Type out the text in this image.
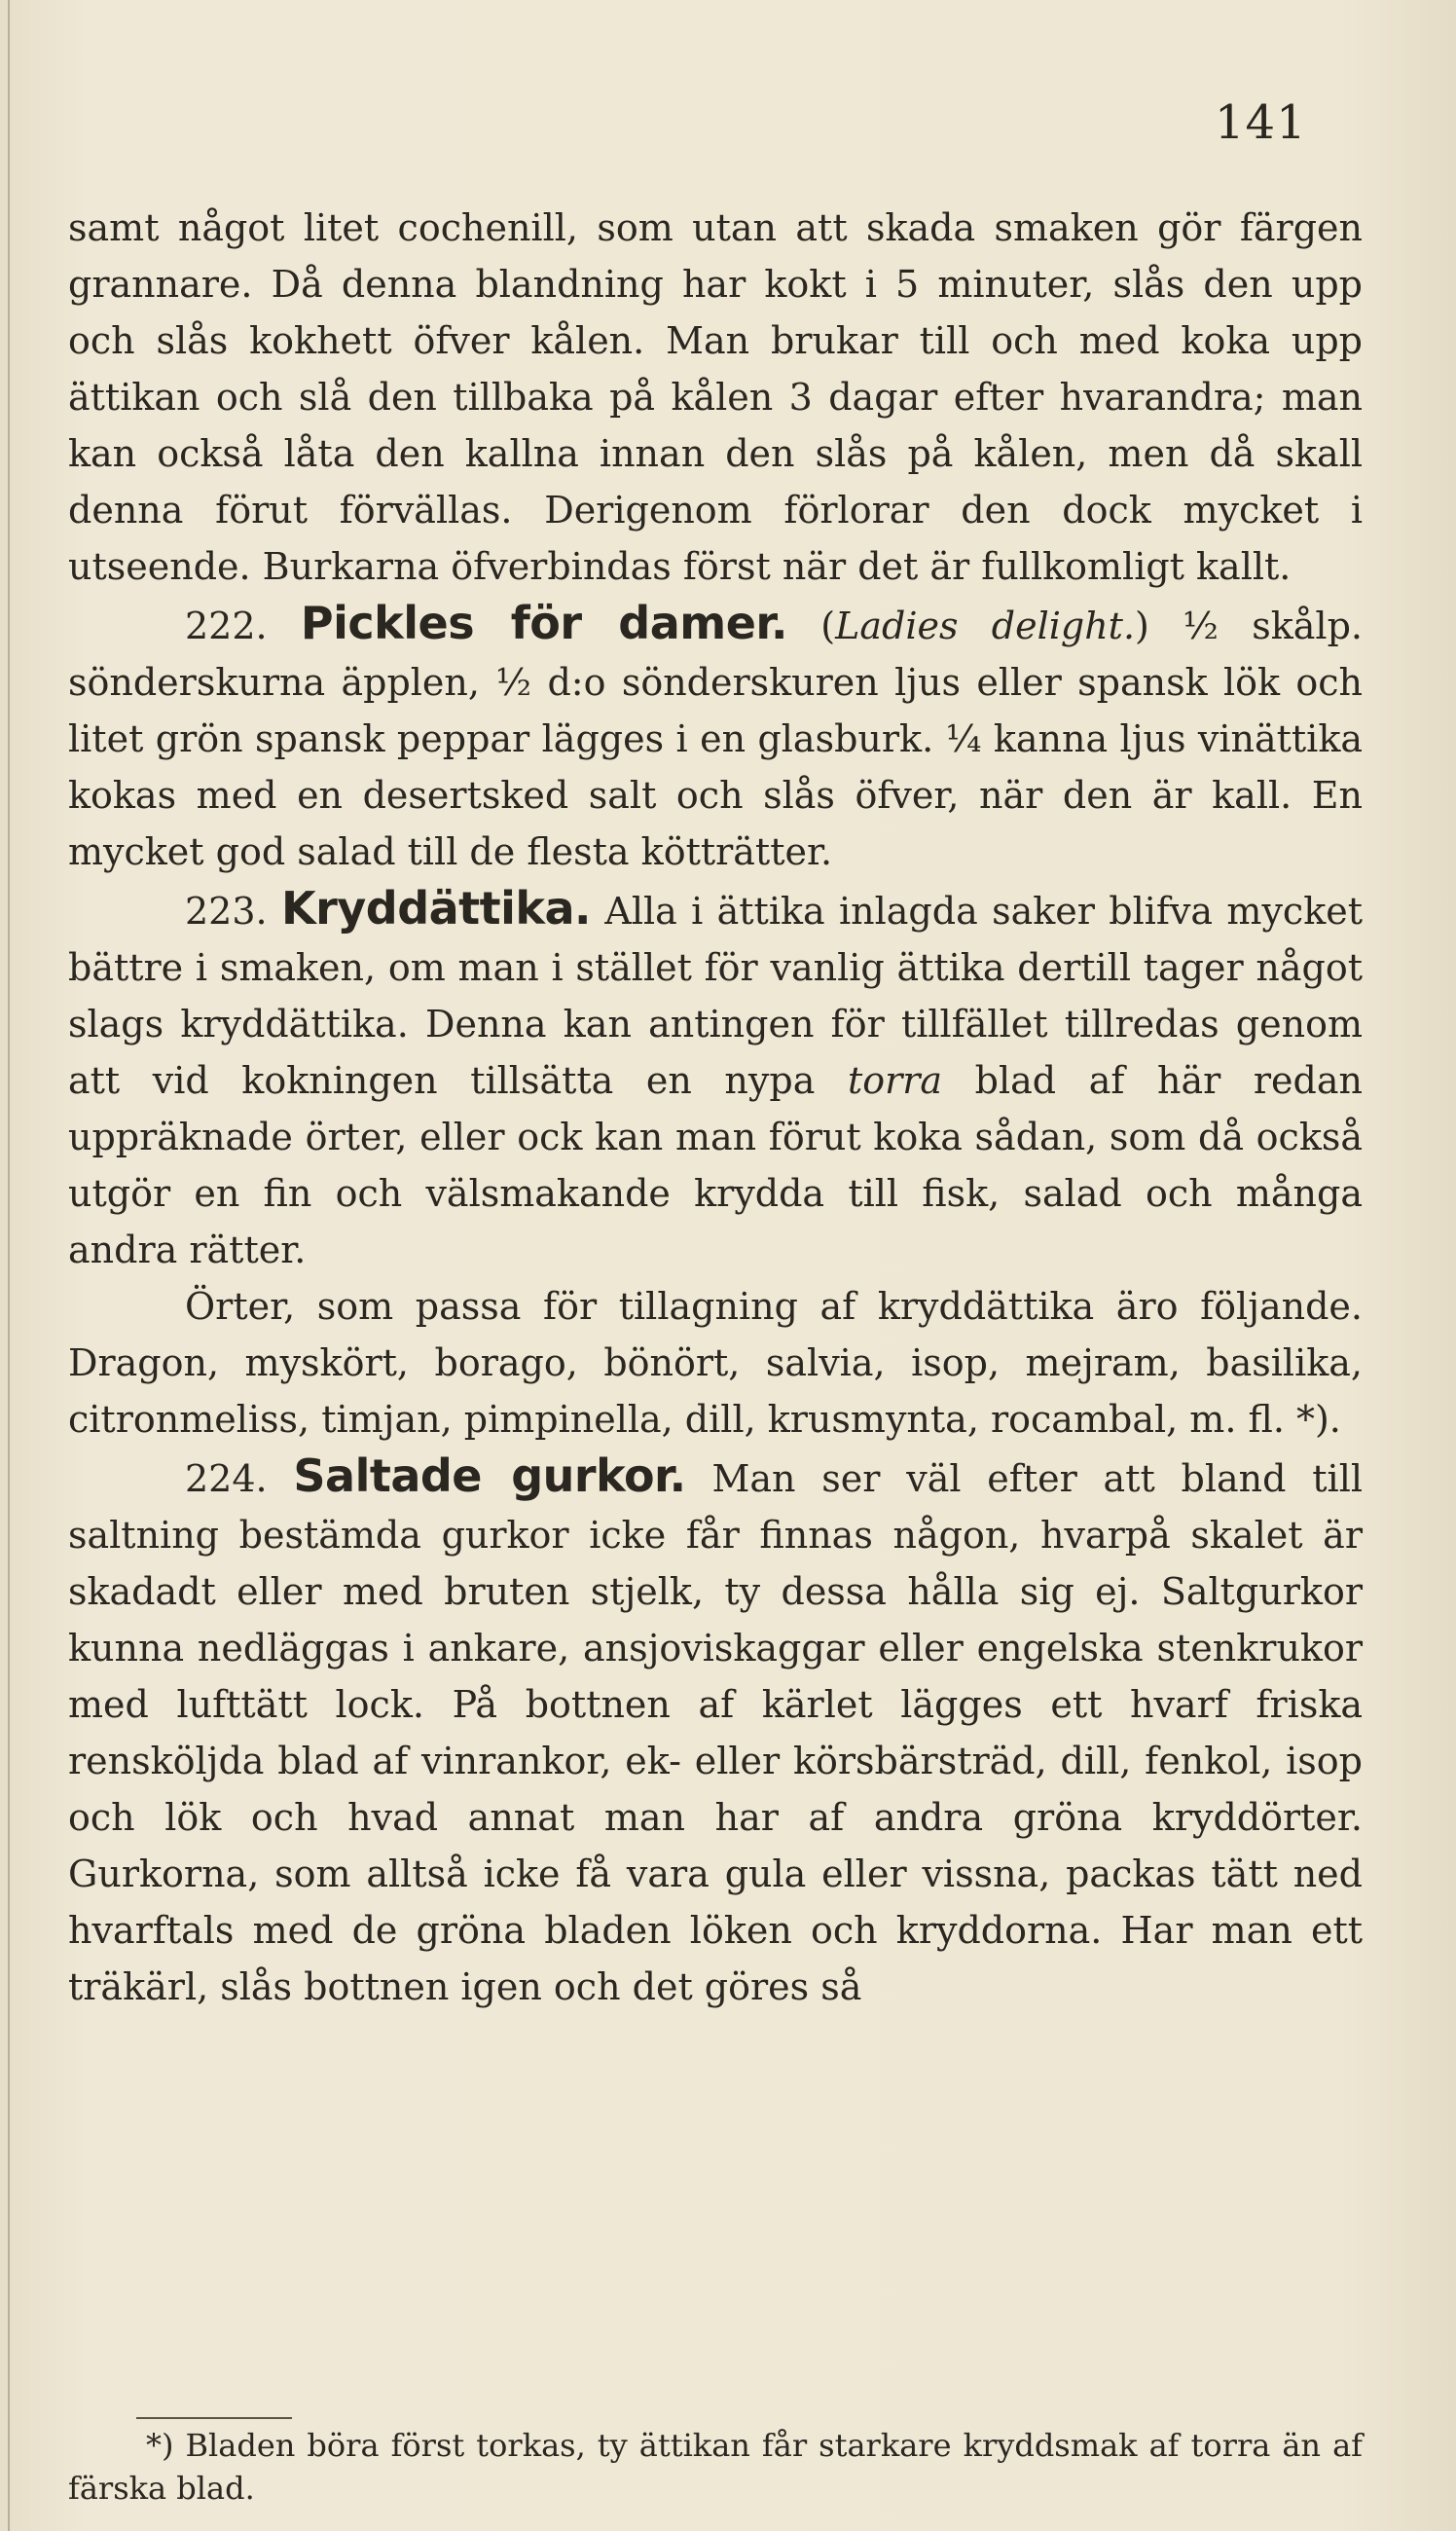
141

samt något litet cochenill, som utan att skada smaken gör färgen grannare. Då denna blandning har kokt i 5 minuter, slås den upp och slås kokhett öfver kålen. Man brukar till och med koka upp ättikan och slå den tillbaka på kålen 3 dagar efter hvarandra; man kan också låta den kallna innan den slås på kålen, men då skall denna förut förvällas. Derigenom förlorar den dock mycket i utseende. Burkarna öfverbindas först när det är fullkomligt kallt.

222. Pickles för damer. (Ladies delight.) ½ skålp. sönderskurna äpplen, ½ d:o sönderskuren ljus eller spansk lök och litet grön spansk peppar lägges i en glasburk. ¼ kanna ljus vinättika kokas med en desertsked salt och slås öfver, när den är kall. En mycket god salad till de flesta kötträtter.

223. Kryddättika. Alla i ättika inlagda saker blifva mycket bättre i smaken, om man i stället för vanlig ättika dertill tager något slags kryddättika. Denna kan antingen för tillfället tillredas genom att vid kokningen tillsätta en nypa torra blad af här redan uppräknade örter, eller ock kan man förut koka sådan, som då också utgör en fin och välsmakande krydda till fisk, salad och många andra rätter.

Örter, som passa för tillagning af kryddättika äro följande. Dragon, myskört, borago, bönört, salvia, isop, mejram, basilika, citronmeliss, timjan, pimpinella, dill, krusmynta, rocambal, m. fl. *).

224. Saltade gurkor. Man ser väl efter att bland till saltning bestämda gurkor icke får finnas någon, hvarpå skalet är skadadt eller med bruten stjelk, ty dessa hålla sig ej. Saltgurkor kunna nedläggas i ankare, ansjoviskaggar eller engelska stenkrukor med lufttätt lock. På bottnen af kärlet lägges ett hvarf friska rensköljda blad af vinrankor, ek- eller körsbärsträd, dill, fenkol, isop och lök och hvad annat man har af andra gröna kryddörter. Gurkorna, som alltså icke få vara gula eller vissna, packas tätt ned hvarftals med de gröna bladen löken och kryddorna. Har man ett träkärl, slås bottnen igen och det göres så

*) Bladen böra först torkas, ty ättikan får starkare kryddsmak af torra än af färska blad.
